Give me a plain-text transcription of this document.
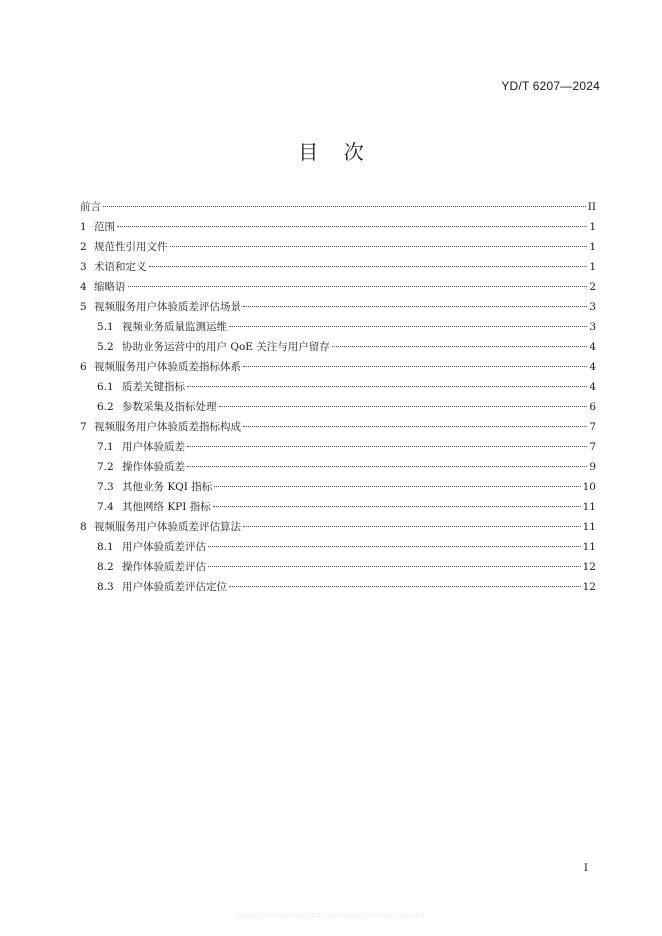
YD/T 6207—2024
目    次
前言	II
1 范围	1
2 规范性引用文件	1
3 术语和定义	1
4 缩略语	2
5 视频服务用户体验质差评估场景	3
5.1 视频业务质量监测运维	3
5.2 协助业务运营中的用户 QoE 关注与用户留存	4
6 视频服务用户体验质差指标体系	4
6.1 质差关键指标	4
6.2 参数采集及指标处理	6
7 视频服务用户体验质差指标构成	7
7.1 用户体验质差	7
7.2 操作体验质差	9
7.3 其他业务 KQI 指标	10
7.4 其他网络 KPI 指标	11
8 视频服务用户体验质差评估算法	11
8.1 用户体验质差评估	11
8.2 操作体验质差评估	12
8.3 用户体验质差评估定位	12
I
▭▭▭▭▭▭▭▭▭▭▭▭▭▭▭▭▭▭▭▭
